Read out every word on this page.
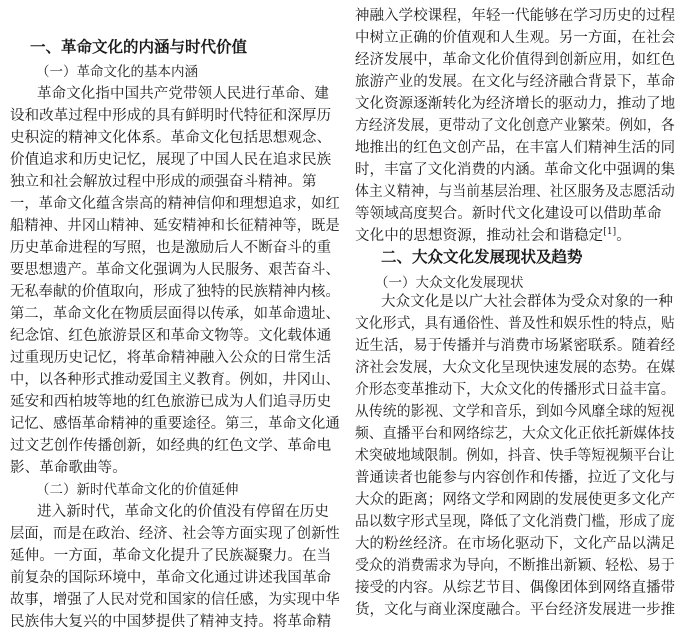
一、革命文化的内涵与时代价值
（一）革命文化的基本内涵
革命文化指中国共产党带领人民进行革命、建
设和改革过程中形成的具有鲜明时代特征和深厚历
史积淀的精神文化体系。革命文化包括思想观念、
价值追求和历史记忆，展现了中国人民在追求民族
独立和社会解放过程中形成的顽强奋斗精神。第
一，革命文化蕴含崇高的精神信仰和理想追求，如红
船精神、井冈山精神、延安精神和长征精神等，既是
历史革命进程的写照，也是激励后人不断奋斗的重
要思想遗产。革命文化强调为人民服务、艰苦奋斗、
无私奉献的价值取向，形成了独特的民族精神内核。
第二，革命文化在物质层面得以传承，如革命遗址、
纪念馆、红色旅游景区和革命文物等。文化载体通
过重现历史记忆，将革命精神融入公众的日常生活
中，以各种形式推动爱国主义教育。例如，井冈山、
延安和西柏坡等地的红色旅游已成为人们追寻历史
记忆、感悟革命精神的重要途径。第三，革命文化通
过文艺创作传播创新，如经典的红色文学、革命电
影、革命歌曲等。
（二）新时代革命文化的价值延伸
进入新时代，革命文化的价值没有停留在历史
层面，而是在政治、经济、社会等方面实现了创新性
延伸。一方面，革命文化提升了民族凝聚力。在当
前复杂的国际环境中，革命文化通过讲述我国革命
故事，增强了人民对党和国家的信任感，为实现中华
民族伟大复兴的中国梦提供了精神支持。将革命精
神融入学校课程，年轻一代能够在学习历史的过程
中树立正确的价值观和人生观。另一方面，在社会
经济发展中，革命文化价值得到创新应用，如红色
旅游产业的发展。在文化与经济融合背景下，革命
文化资源逐渐转化为经济增长的驱动力，推动了地
方经济发展，更带动了文化创意产业繁荣。例如，各
地推出的红色文创产品，在丰富人们精神生活的同
时，丰富了文化消费的内涵。革命文化中强调的集
体主义精神，与当前基层治理、社区服务及志愿活动
等领域高度契合。新时代文化建设可以借助革命
文化中的思想资源，推动社会和谐稳定[1]。
二、大众文化发展现状及趋势
（一）大众文化发展现状
大众文化是以广大社会群体为受众对象的一种
文化形式，具有通俗性、普及性和娱乐性的特点，贴
近生活，易于传播并与消费市场紧密联系。随着经
济社会发展，大众文化呈现快速发展的态势。在媒
介形态变革推动下，大众文化的传播形式日益丰富。
从传统的影视、文学和音乐，到如今风靡全球的短视
频、直播平台和网络综艺，大众文化正依托新媒体技
术突破地域限制。例如，抖音、快手等短视频平台让
普通读者也能参与内容创作和传播，拉近了文化与
大众的距离；网络文学和网剧的发展使更多文化产
品以数字形式呈现，降低了文化消费门槛，形成了庞
大的粉丝经济。在市场化驱动下，文化产品以满足
受众的消费需求为导向，不断推出新颖、轻松、易于
接受的内容。从综艺节目、偶像团体到网络直播带
货，文化与商业深度融合。平台经济发展进一步推
